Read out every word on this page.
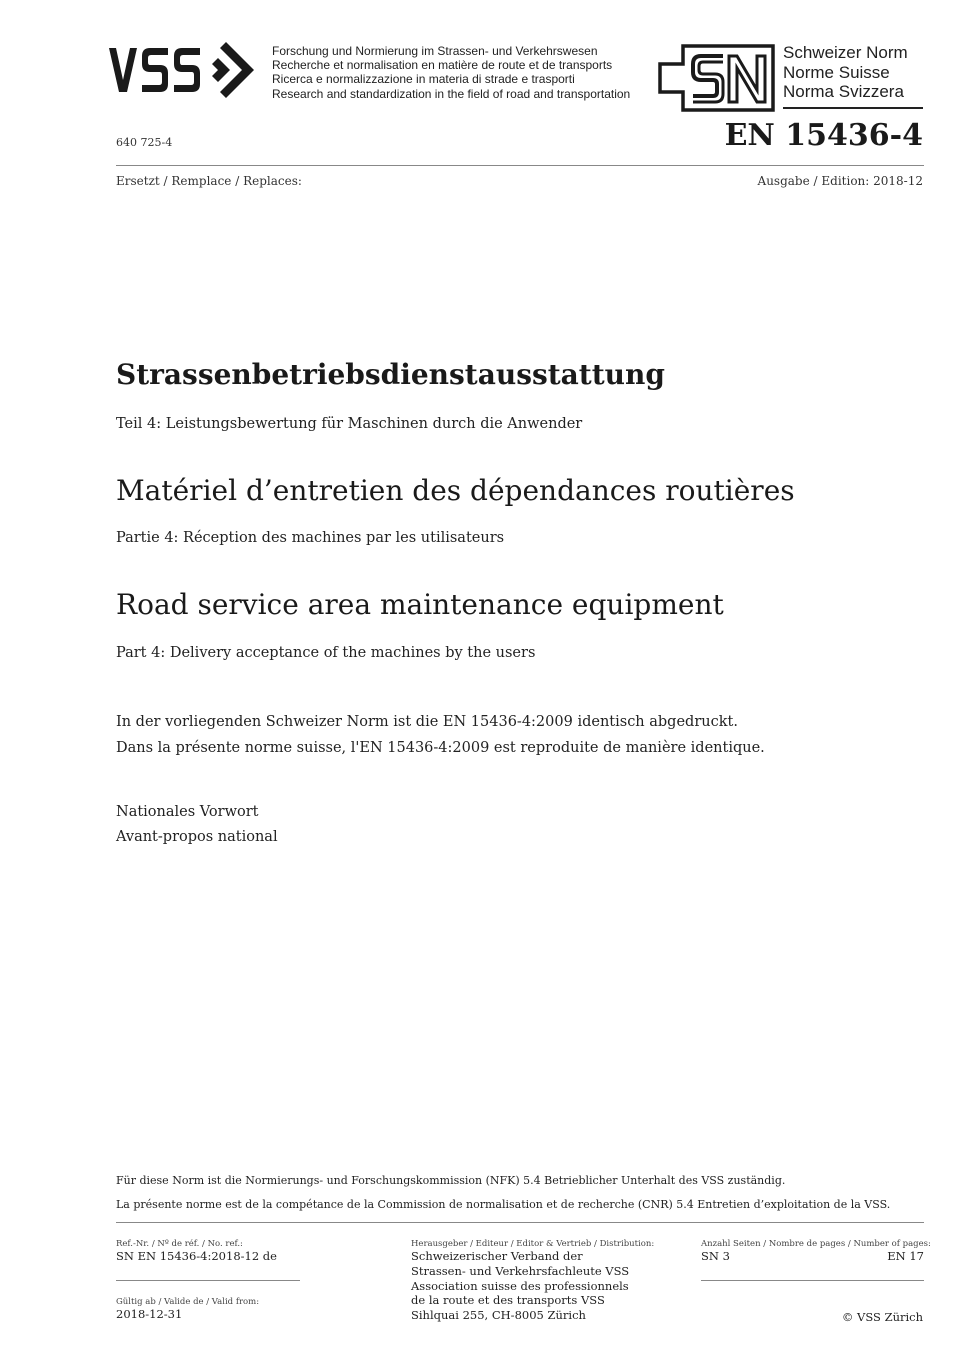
Forschung und Normierung im Strassen- und Verkehrswesen
Recherche et normalisation en matière de route et de transports
Ricerca e normalizzazione in materia di strade e trasporti
Research and standardization in the field of road and transportation
Schweizer Norm
Norme Suisse
Norma Svizzera
640 725-4	EN 15436-4
Ersetzt / Remplace / Replaces:	Ausgabe / Edition: 2018-12
Strassenbetriebsdienstausstattung
Teil 4: Leistungsbewertung für Maschinen durch die Anwender
Matériel d’entretien des dépendances routières
Partie 4: Réception des machines par les utilisateurs
Road service area maintenance equipment
Part 4: Delivery acceptance of the machines by the users
In der vorliegenden Schweizer Norm ist die EN 15436-4:2009 identisch abgedruckt.
Dans la présente norme suisse, l'EN 15436-4:2009 est reproduite de manière identique.
Nationales Vorwort
Avant-propos national
Für diese Norm ist die Normierungs- und Forschungskommission (NFK) 5.4 Betrieblicher Unterhalt des VSS zuständig.
La présente norme est de la compétance de la Commission de normalisation et de recherche (CNR) 5.4 Entretien d’exploitation de la VSS.
Ref.-Nr. / Nº de réf. / No. ref.:
SN EN 15436-4:2018-12 de
Gültig ab / Valide de / Valid from:
2018-12-31
Herausgeber / Editeur / Editor & Vertrieb / Distribution:
Schweizerischer Verband der
Strassen- und Verkehrsfachleute VSS
Association suisse des professionnels
de la route et des transports VSS
Sihlquai 255, CH-8005 Zürich
Anzahl Seiten / Nombre de pages / Number of pages:
SN 3	EN 17
© VSS Zürich
